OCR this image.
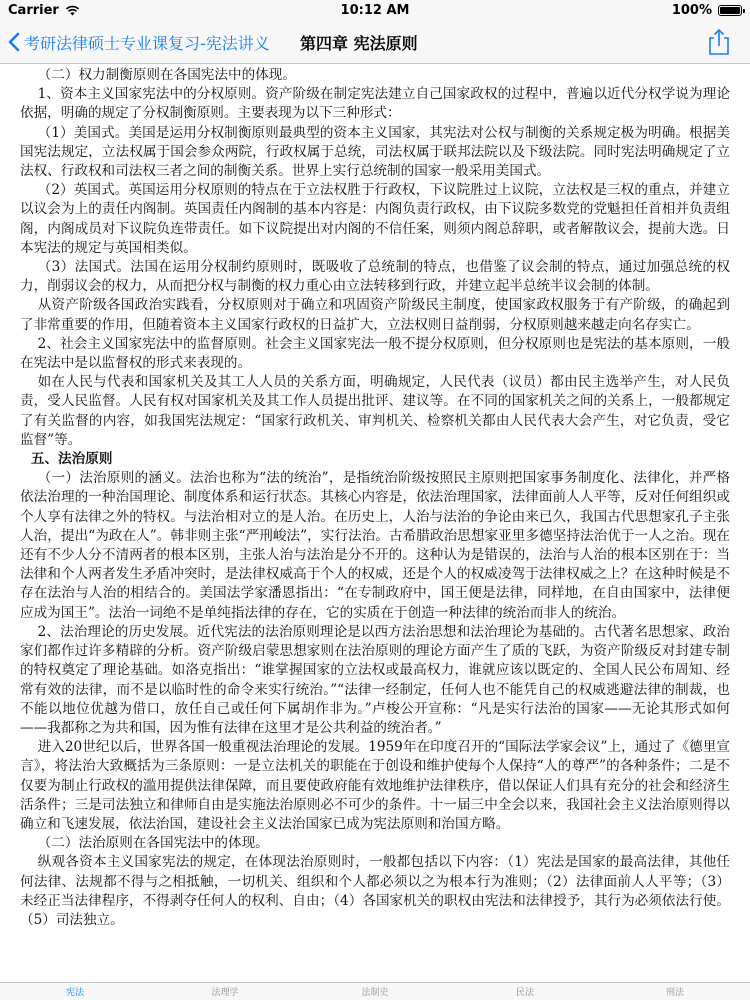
Carrier	10:12 AM	100%
考研法律硕士专业课复习-宪法讲义 第四章 宪法原则

（二）权力制衡原则在各国宪法中的体现。

1、资本主义国家宪法中的分权原则。资产阶级在制定宪法建立自己国家政权的过程中，普遍以近代分权学说为理论依据，明确的规定了分权制衡原则。主要表现为以下三种形式：

（1）美国式。美国是运用分权制衡原则最典型的资本主义国家，其宪法对公权与制衡的关系规定极为明确。根据美国宪法规定，立法权属于国会参众两院，行政权属于总统，司法权属于联邦法院以及下级法院。同时宪法明确规定了立法权、行政权和司法权三者之间的制衡关系。世界上实行总统制的国家一般采用美国式。

（2）英国式。英国运用分权原则的特点在于立法权胜于行政权，下议院胜过上议院，立法权是三权的重点，并建立以议会为上的责任内阁制。英国责任内阁制的基本内容是：内阁负责行政权，由下议院多数党的党魁担任首相并负责组阁，内阁成员对下议院负连带责任。如下议院提出对内阁的不信任案，则须内阁总辞职，或者解散议会，提前大选。日本宪法的规定与英国相类似。

（3）法国式。法国在运用分权制约原则时，既吸收了总统制的特点，也借鉴了议会制的特点，通过加强总统的权力，削弱议会的权力，从而把分权与制衡的权力重心由立法转移到行政，并建立起半总统半议会制的体制。

从资产阶级各国政治实践看，分权原则对于确立和巩固资产阶级民主制度，使国家政权服务于有产阶级，的确起到了非常重要的作用，但随着资本主义国家行政权的日益扩大，立法权则日益削弱，分权原则越来越走向名存实亡。

2、社会主义国家宪法中的监督原则。社会主义国家宪法一般不提分权原则，但分权原则也是宪法的基本原则，一般在宪法中是以监督权的形式来表现的。

如在人民与代表和国家机关及其工人人员的关系方面，明确规定，人民代表（议员）都由民主选举产生，对人民负责，受人民监督。人民有权对国家机关及其工作人员提出批评、建议等。在不同的国家机关之间的关系上，一般都规定了有关监督的内容，如我国宪法规定：“国家行政机关、审判机关、检察机关都由人民代表大会产生，对它负责，受它监督”等。

五、法治原则

（一）法治原则的涵义。法治也称为“法的统治”，是指统治阶级按照民主原则把国家事务制度化、法律化，并严格依法治理的一种治国理论、制度体系和运行状态。其核心内容是，依法治理国家，法律面前人人平等，反对任何组织或个人享有法律之外的特权。与法治相对立的是人治。在历史上，人治与法治的争论由来已久，我国古代思想家孔子主张人治，提出“为政在人”。韩非则主张“严刑峻法”，实行法治。古希腊政治思想家亚里多德坚持法治优于一人之治。现在还有不少人分不清两者的根本区别，主张人治与法治是分不开的。这种认为是错误的，法治与人治的根本区别在于：当法律和个人两者发生矛盾冲突时，是法律权威高于个人的权威，还是个人的权威凌驾于法律权威之上？在这种时候是不存在法治与人治的相结合的。美国法学家潘恩指出：“在专制政府中，国王便是法律，同样地，在自由国家中，法律便应成为国王”。法治一词绝不是单纯指法律的存在，它的实质在于创造一种法律的统治而非人的统治。

2、法治理论的历史发展。近代宪法的法治原则理论是以西方法治思想和法治理论为基础的。古代著名思想家、政治家们都作过许多精辟的分析。资产阶级启蒙思想家则在法治原则的理论方面产生了质的飞跃，为资产阶级反对封建专制的特权奠定了理论基础。如洛克指出：“谁掌握国家的立法权或最高权力，谁就应该以既定的、全国人民公布周知、经常有效的法律，而不是以临时性的命令来实行统治。”“法律一经制定，任何人也不能凭自己的权威逃避法律的制裁，也不能以地位优越为借口，放任自己或任何下属胡作非为。”卢梭公开宣称：“凡是实行法治的国家——无论其形式如何——我都称之为共和国，因为惟有法律在这里才是公共利益的统治者。”

进入20世纪以后，世界各国一般重视法治理论的发展。1959年在印度召开的“国际法学家会议”上，通过了《德里宣言》，将法治大致概括为三条原则：一是立法机关的职能在于创设和维护使每个人保持“人的尊严”的各种条件；二是不仅要为制止行政权的滥用提供法律保障，而且要使政府能有效地维护法律秩序，借以保证人们具有充分的社会和经济生活条件；三是司法独立和律师自由是实施法治原则必不可少的条件。十一届三中全会以来，我国社会主义法治原则得以确立和飞速发展，依法治国，建设社会主义法治国家已成为宪法原则和治国方略。

（二）法治原则在各国宪法中的体现。

纵观各资本主义国家宪法的规定，在体现法治原则时，一般都包括以下内容：（1）宪法是国家的最高法律，其他任何法律、法规都不得与之相抵触，一切机关、组织和个人都必须以之为根本行为准则；（2）法律面前人人平等；（3）未经正当法律程序，不得剥夺任何人的权利、自由；（4）各国家机关的职权由宪法和法律授予，其行为必须依法行使。（5）司法独立。

宪法	法理学	法制史	民法	刑法
